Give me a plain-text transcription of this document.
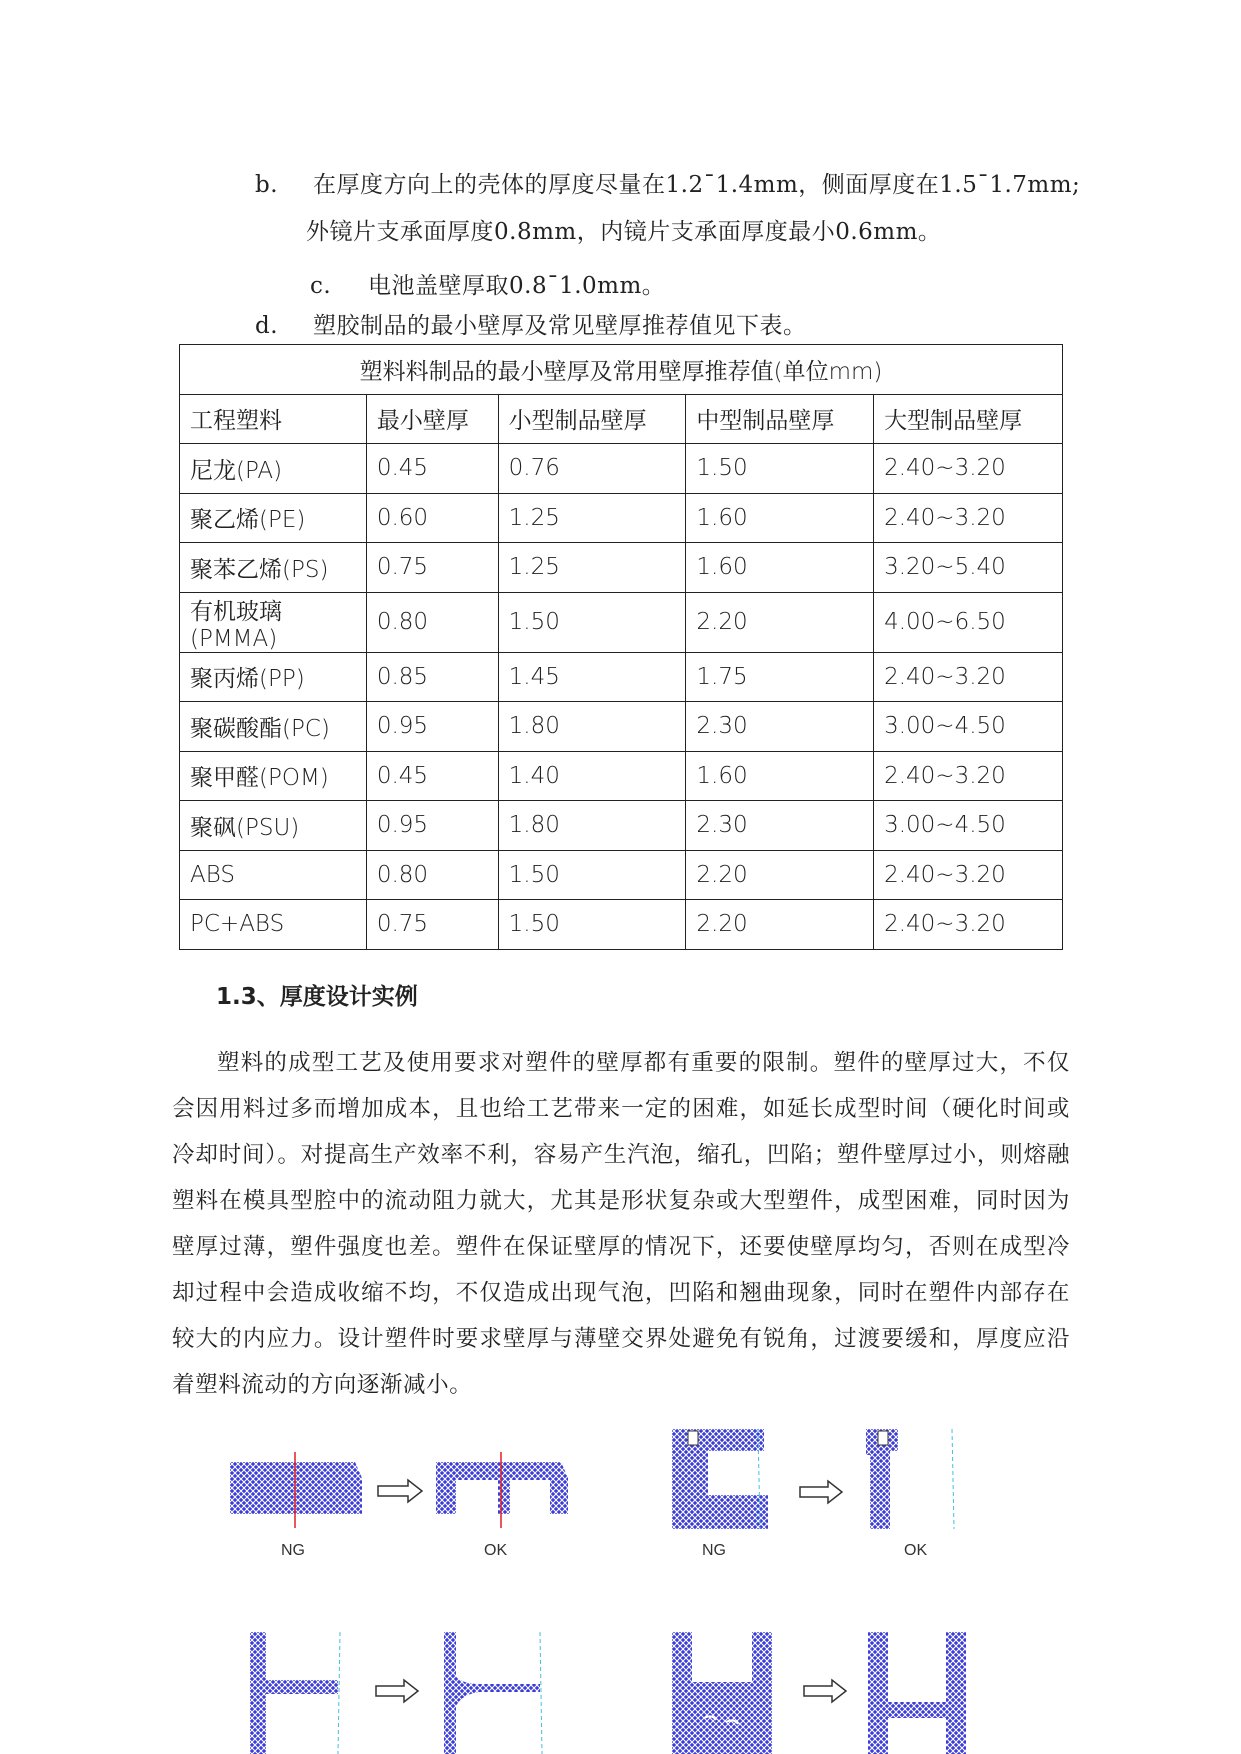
b. 在厚度方向上的壳体的厚度尽量在1.2¯1.4mm，侧面厚度在1.5¯1.7mm;
外镜片支承面厚度0.8mm，内镜片支承面厚度最小0.6mm。
c. 电池盖壁厚取0.8¯1.0mm。
d. 塑胶制品的最小壁厚及常见壁厚推荐值见下表。
塑料料制品的最小壁厚及常用壁厚推荐值(单位mm)				
工程塑料	最小壁厚	小型制品壁厚	中型制品壁厚	大型制品壁厚
尼龙(PA)	0.45	0.76	1.50	2.40~3.20
聚乙烯(PE)	0.60	1.25	1.60	2.40~3.20
聚苯乙烯(PS)	0.75	1.25	1.60	3.20~5.40
有机玻璃(PMMA)	0.80	1.50	2.20	4.00~6.50
聚丙烯(PP)	0.85	1.45	1.75	2.40~3.20
聚碳酸酯(PC)	0.95	1.80	2.30	3.00~4.50
聚甲醛(POM)	0.45	1.40	1.60	2.40~3.20
聚砜(PSU)	0.95	1.80	2.30	3.00~4.50
ABS	0.80	1.50	2.20	2.40~3.20
PC+ABS	0.75	1.50	2.20	2.40~3.20
1.3、厚度设计实例

塑料的成型工艺及使用要求对塑件的壁厚都有重要的限制。塑件的壁厚过大，不仅会因用料过多而增加成本，且也给工艺带来一定的困难，如延长成型时间（硬化时间或冷却时间）。对提高生产效率不利，容易产生汽泡，缩孔，凹陷；塑件壁厚过小，则熔融塑料在模具型腔中的流动阻力就大，尤其是形状复杂或大型塑件，成型困难，同时因为壁厚过薄，塑件强度也差。塑件在保证壁厚的情况下，还要使壁厚均匀，否则在成型冷却过程中会造成收缩不均，不仅造成出现气泡，凹陷和翘曲现象，同时在塑件内部存在较大的内应力。设计塑件时要求壁厚与薄壁交界处避免有锐角，过渡要缓和，厚度应沿着塑料流动的方向逐渐减小。

NG	OK	NG	OK
